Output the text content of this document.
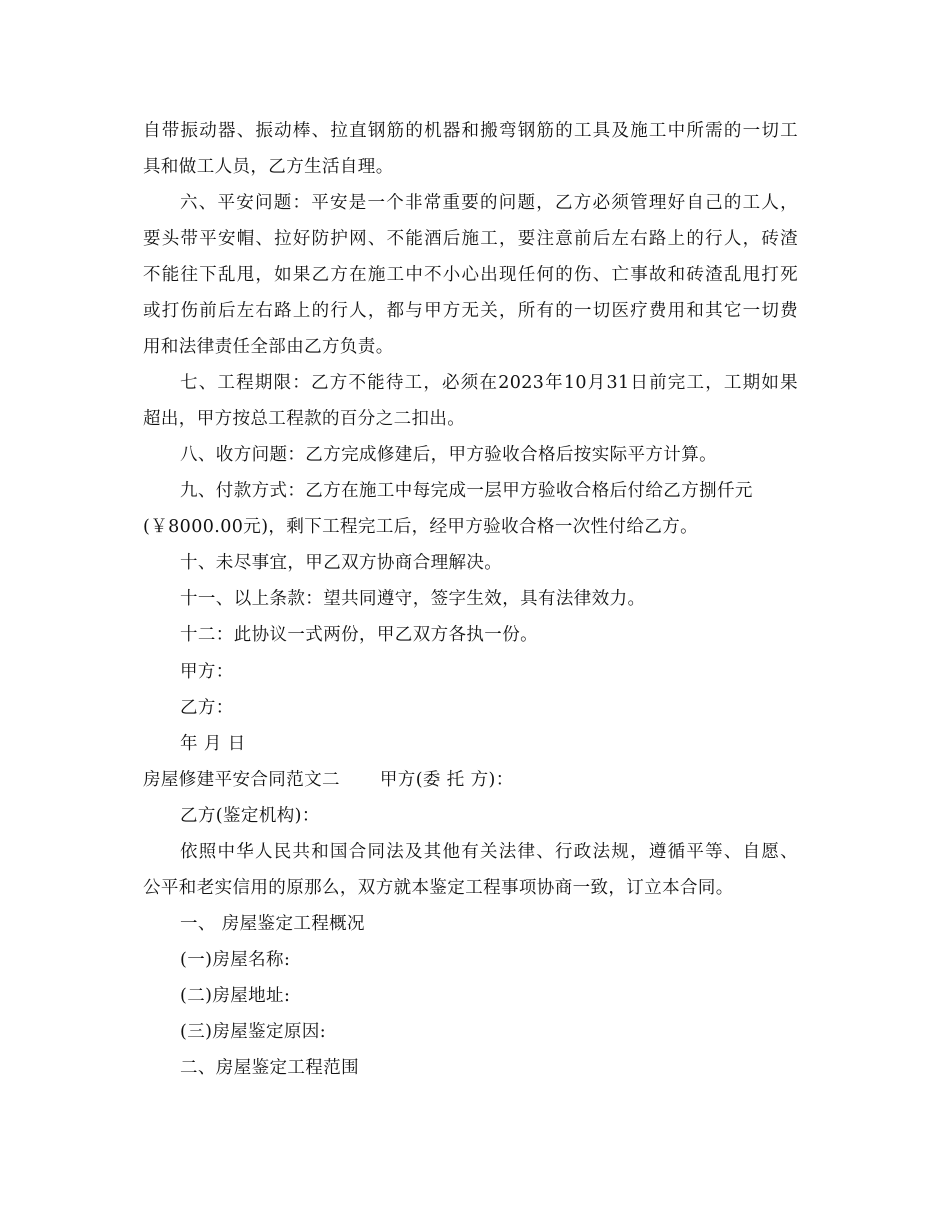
自带振动器、振动棒、拉直钢筋的机器和搬弯钢筋的工具及施工中所需的一切工
具和做工人员，乙方生活自理。
六、平安问题：平安是一个非常重要的问题，乙方必须管理好自己的工人，
要头带平安帽、拉好防护网、不能酒后施工，要注意前后左右路上的行人，砖渣
不能往下乱甩，如果乙方在施工中不小心出现任何的伤、亡事故和砖渣乱甩打死
或打伤前后左右路上的行人，都与甲方无关，所有的一切医疗费用和其它一切费
用和法律责任全部由乙方负责。
七、工程期限：乙方不能待工，必须在2023年10月31日前完工，工期如果
超出，甲方按总工程款的百分之二扣出。
八、收方问题：乙方完成修建后，甲方验收合格后按实际平方计算。
九、付款方式：乙方在施工中每完成一层甲方验收合格后付给乙方捌仟元
(￥8000.00元)，剩下工程完工后，经甲方验收合格一次性付给乙方。
十、未尽事宜，甲乙双方协商合理解决。
十一、以上条款：望共同遵守，签字生效，具有法律效力。
十二：此协议一式两份，甲乙双方各执一份。
甲方：
乙方：
年 月 日
房屋修建平安合同范文二 甲方(委 托 方)：
乙方(鉴定机构)：
依照中华人民共和国合同法及其他有关法律、行政法规，遵循平等、自愿、
公平和老实信用的原那么，双方就本鉴定工程事项协商一致，订立本合同。
一、 房屋鉴定工程概况
(一)房屋名称:
(二)房屋地址:
(三)房屋鉴定原因:
二、房屋鉴定工程范围
